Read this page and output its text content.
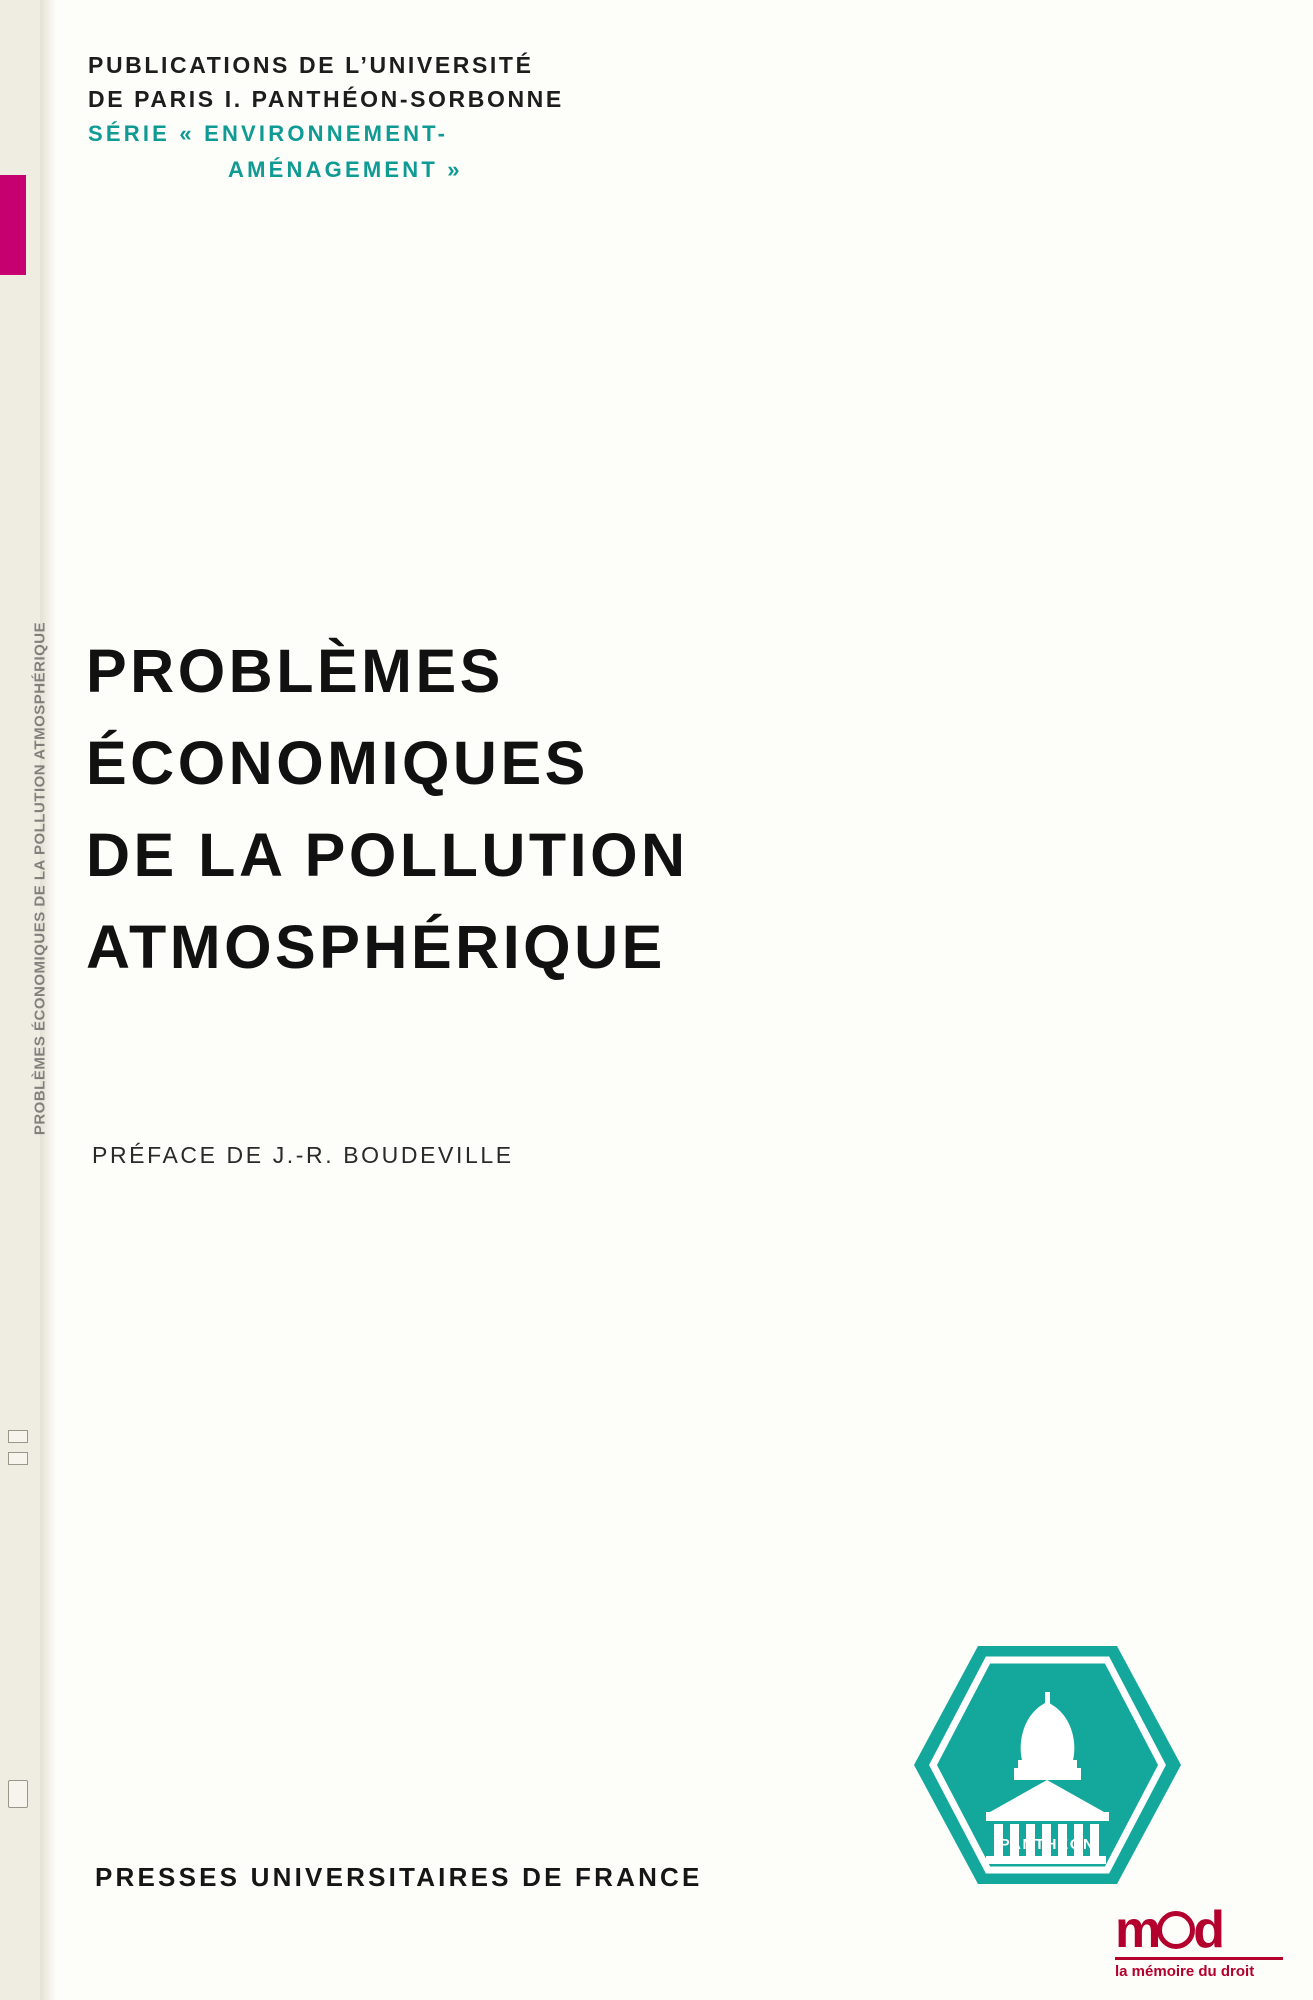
PROBLÈMES ÉCONOMIQUES DE LA POLLUTION ATMOSPHÉRIQUE
PUBLICATIONS DE L’UNIVERSITÉ
DE PARIS I. PANTHÉON-SORBONNE
SÉRIE « ENVIRONNEMENT-
AMÉNAGEMENT »
PROBLÈMES
ÉCONOMIQUES
DE LA POLLUTION
ATMOSPHÉRIQUE
PRÉFACE DE J.-R. BOUDEVILLE
PRESSES UNIVERSITAIRES DE FRANCE
PANTHÉON
m d
la mémoire du droit
